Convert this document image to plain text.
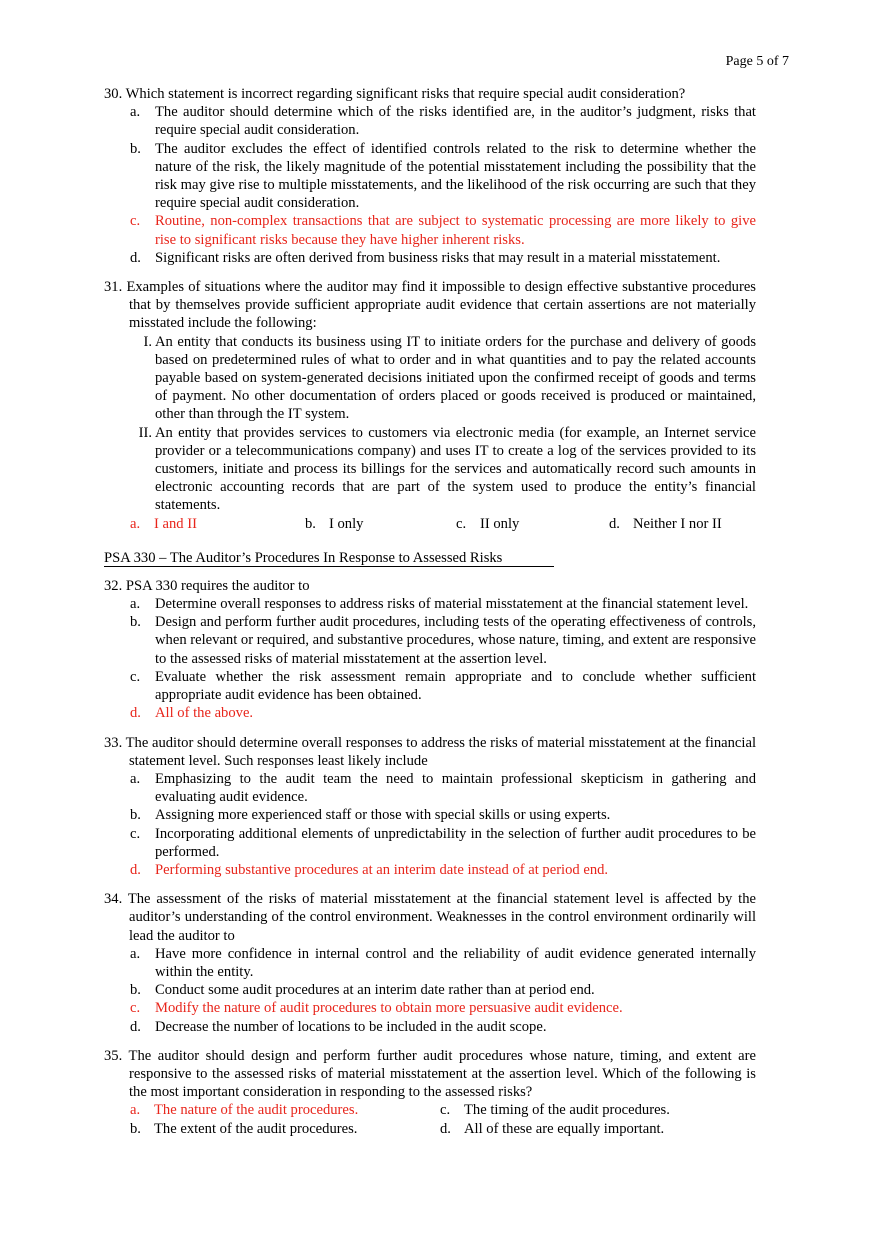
Page 5 of 7
30. Which statement is incorrect regarding significant risks that require special audit consideration?
a. The auditor should determine which of the risks identified are, in the auditor’s judgment, risks that require special audit consideration.
b. The auditor excludes the effect of identified controls related to the risk to determine whether the nature of the risk, the likely magnitude of the potential misstatement including the possibility that the risk may give rise to multiple misstatements, and the likelihood of the risk occurring are such that they require special audit consideration.
c. Routine, non-complex transactions that are subject to systematic processing are more likely to give rise to significant risks because they have higher inherent risks.
d. Significant risks are often derived from business risks that may result in a material misstatement.
31. Examples of situations where the auditor may find it impossible to design effective substantive procedures that by themselves provide sufficient appropriate audit evidence that certain assertions are not materially misstated include the following:
I. An entity that conducts its business using IT to initiate orders for the purchase and delivery of goods based on predetermined rules of what to order and in what quantities and to pay the related accounts payable based on system-generated decisions initiated upon the confirmed receipt of goods and terms of payment. No other documentation of orders placed or goods received is produced or maintained, other than through the IT system.
II. An entity that provides services to customers via electronic media (for example, an Internet service provider or a telecommunications company) and uses IT to create a log of the services provided to its customers, initiate and process its billings for the services and automatically record such amounts in electronic accounting records that are part of the system used to produce the entity’s financial statements.
a. I and II	b. I only	c. II only	d. Neither I nor II
PSA 330 – The Auditor’s Procedures In Response to Assessed Risks
32. PSA 330 requires the auditor to
a. Determine overall responses to address risks of material misstatement at the financial statement level.
b. Design and perform further audit procedures, including tests of the operating effectiveness of controls, when relevant or required, and substantive procedures, whose nature, timing, and extent are responsive to the assessed risks of material misstatement at the assertion level.
c. Evaluate whether the risk assessment remain appropriate and to conclude whether sufficient appropriate audit evidence has been obtained.
d. All of the above.
33. The auditor should determine overall responses to address the risks of material misstatement at the financial statement level. Such responses least likely include
a. Emphasizing to the audit team the need to maintain professional skepticism in gathering and evaluating audit evidence.
b. Assigning more experienced staff or those with special skills or using experts.
c. Incorporating additional elements of unpredictability in the selection of further audit procedures to be performed.
d. Performing substantive procedures at an interim date instead of at period end.
34. The assessment of the risks of material misstatement at the financial statement level is affected by the auditor’s understanding of the control environment. Weaknesses in the control environment ordinarily will lead the auditor to
a. Have more confidence in internal control and the reliability of audit evidence generated internally within the entity.
b. Conduct some audit procedures at an interim date rather than at period end.
c. Modify the nature of audit procedures to obtain more persuasive audit evidence.
d. Decrease the number of locations to be included in the audit scope.
35. The auditor should design and perform further audit procedures whose nature, timing, and extent are responsive to the assessed risks of material misstatement at the assertion level. Which of the following is the most important consideration in responding to the assessed risks?
a. The nature of the audit procedures.	c. The timing of the audit procedures.
b. The extent of the audit procedures.	d. All of these are equally important.
